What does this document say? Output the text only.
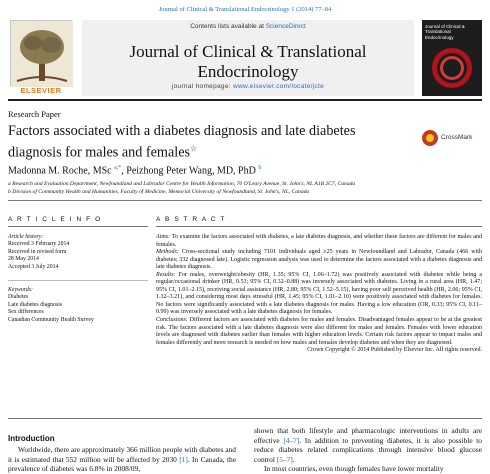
Journal of Clinical & Translational Endocrinology 1 (2014) 77–84
ELSEVIER
Contents lists available at ScienceDirect
Journal of Clinical & Translational Endocrinology
journal homepage: www.elsevier.com/locate/jcte
Journal of Clinical & Translational Endocrinology
Research Paper
Factors associated with a diabetes diagnosis and late diabetes
diagnosis for males and females☆
CrossMark
Madonna M. Roche, MSc $^{a,*}$, Peizhong Peter Wang, MD, PhD $^b$
a Research and Evaluation Department, Newfoundland and Labrador Centre for Health Information, 70 O'Leary Avenue, St. John's, NL A1B 2C7, Canada
b Division of Community Health and Humanities, Faculty of Medicine, Memorial University of Newfoundland, St. John's, NL, Canada
A R T I C L E I N F O	A B S T R A C T
Article history:
Received 3 February 2014
Received in revised form
28 May 2014
Accepted 3 July 2014
Keywords:
Diabetes
Late diabetes diagnosis
Sex differences
Canadian Community Health Survey
Aims: To examine the factors associated with diabetes, a late diabetes diagnosis, and whether these factors are different for males and females.
Methods: Cross-sectional study including 7101 individuals aged ≥25 years in Newfoundland and Labrador, Canada (466 with diabetes; 332 diagnosed late). Logistic regression analysis was used to determine the factors associated with a diabetes diagnosis and late diabetes diagnosis.
Results: For males, overweight/obesity (HR, 1.35; 95% CI, 1.06–1.72) was positively associated with diabetes while being a regular/occasional drinker (HR, 0.53; 95% CI, 0.32–0.88) was inversely associated with diabetes. Living in a rural area (HR, 1.47; 95% CI, 1.01–2.15), receiving social assistance (HR, 2.80; 95% CI, 1.52–5.15), having poor self perceived health (HR, 2.06; 95% CI, 1.32–3.21), and considering most days stressful (HR, 1.45; 95% CI, 1.01–2.10) were positively associated with diabetes for females. No factors were significantly associated with a late diabetes diagnosis for males. Having a low education (OR, 0.33; 95% CI, 0.11–0.99) was inversely associated with a late diabetes diagnosis for females.
Conclusions: Different factors are associated with diabetes for males and females. Disadvantaged females appear to be at the greatest risk. The factors associated with a late diabetes diagnosis were also different for males and females. Females with lower education levels are diagnosed with diabetes earlier than females with higher education levels. Certain risk factors appear to impact males and females differently and more research is needed on how males and females develop diabetes and when they are diagnosed.
Crown Copyright © 2014 Published by Elsevier Inc. All rights reserved.
Introduction
Worldwide, there are approximately 366 million people with diabetes and it is estimated that 552 million will be affected by 2030 [1]. In Canada, the prevalence of diabetes was 6.8% in 2008/09,
shown that both lifestyle and pharmacologic interventions in adults are effective [4–7]. In addition to preventing diabetes, it is also possible to reduce diabetes related complications through intensive blood glucose control [5–7].
In most countries, even though females have lower mortality
